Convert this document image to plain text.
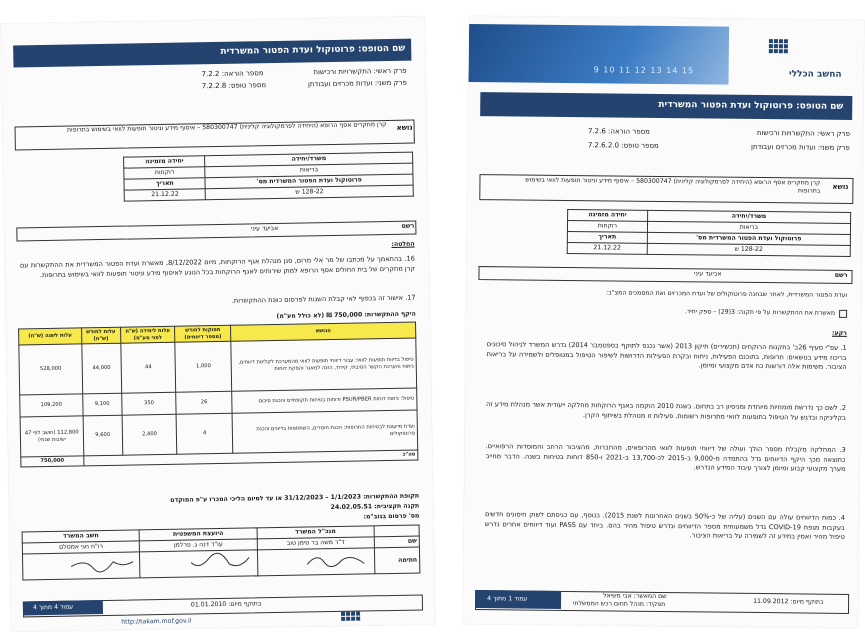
שם הטופס: פרוטוקול ועדת הפטור המשרדית
פרק ראשי: התקשרויות ורכישות
מספר הוראה: 7.2.2
פרק משני: ועדות מכרזים ועבודתן
מספר טופס: 7.2.2.8
נושא
קרן מחקרים אסף הרופא (היחידה לפרמקולוגיה קלינית) 580300747 – איסוף מידע וניטור תופעות לוואי בשימוש בתרופות
משרד/יחידה	יחידה מזמינה
בריאות	רוקחות
פרוטוקול ועדת הפטור המשרדית מס'	תאריך
128-22 ש	21.12.22
רשם
אביעד עיני
החלטה:
16. בהתאמך על מכתבו של מר אלי מרום, סגן מנהלת אגף הרוקחות, מיום 8/12/2022, מאשרת ועדת הפטור המשרדית את ההתקשרות עם קרן מחקרים של בית החולים אסף הרופא למתן שירותים לאגף הרוקחות בכל הנוגע לאיסוף מידע וניטור תופעות לוואי בשימוש בתרופות.
17. אישור זה בכפוף לאי קבלת השגות לפרסום כוונת ההתקשרות.
היקף ההתקשרות: 750,000 ₪ (לא כולל מע"מ)
הנושא	תפוקות לחודש (מספר דיווחים)	עלות ליחידה (ש"ח לפני מע"מ)	עלות לחודש (ש"ח)	עלות לשנה (ש"ח)
טיפול בדיווח תופעות לוואי: עבור דיווחי תופעות לוואי מהמערכת לקליטת דיווחים, ניתוח והערכת הקשר הסיבתי, קידוד, הזנה למאגר והפקת דוחות	1,000	44	44,000	528,000
טיפול: ניתוח דוחות PSUR/PBER ודוחות בטיחות תקופתיים והכנת סיכום	26	350	9,100	109,200
ועדת מייעצת לבטיחות התרופות: הכנת חומרים, השתתפות בדיונים והכנת פרוטוקולים	4	2,400	9,600	112,800 (חושב לפי 47 ישיבות שנתי)
סה"כ				750,000
תקופת ההתקשרות: 1/1/2023 – 31/12/2023 או עד לסיום הליכי המכרז ע"פ המוקדם
תקנה תקציבית: 24.02.05.51
מס' פרסום בגוב"מ:
	מנכ"ל המשרד	היועצת המשפטית	חשב המשרד
שם	ד"ר משה בר סימן טוב	עו"ד דנה ג. פרלמן	רו"ח חגי אמסלם
חתימה			
עמוד 4 מתוך 4	בתוקף מיום: 01.01.2010
http://takam.mof.gov.il
9 10 11 12 13 14 15	החשב הכללי
שם הטופס: פרוטוקול ועדת הפטור המשרדית
פרק ראשי: התקשרויות ורכישות
מספר הוראה: 7.2.6
פרק משני: ועדות מכרזים ועבודתן
מספר טופס: 7.2.6.2.0
נושא
קרן מחקרים אסף הרופא (היחידה לפרמקולוגיה קלינית) 580300747 – איסוף מידע וניטור תופעות לוואי בשימוש בתרופות
משרד/יחידה	יחידה מזמינה
בריאות	רוקחות
פרוטוקול ועדת הפטור המשרדית מס'	תאריך
128-22 ש	21.12.22
רשם
אביעד עיני
ועדת הפטור המשרדית, לאחר שבחנה פרוטוקולים של ועדת המכרזים ואת המסמכים המצ"ב:
מאשרת את ההתקשרות על פי תקנה: 3(29) – ספק יחיד.
רקע:
1. עפ"י סעיף 26ב' בתקנות הרוקחים (תכשירים) תיקון 2013 (אשר נכנס לתוקף בספטמבר 2014) נדרש המשרד לניהול סיכונים בריכוז מידע בנושאים: תרופות, בתוכנם הפעילות, ניתוח ובקרת הפעילות הדרושות לשיפור הטיפול במטופלים ולשמירה על בריאות הציבור. משימות אלה דורשות כח אדם מקצועי ומיומן.
2. לשם כך נדרשת מומחיות מיוחדת ומניסיון רב בתחום. בשנת 2010 הוקמה באגף הרוקחות מחלקה ייעודית אשר מנהלת מידע זה בקליניקה ובדגש על הטיפול בתופעות לוואי מתרופות רשומות. פעילות זו מנוהלת בשיתוף הקרן.
3. המחלקה מקבלת מספר הולך ועולה של דיווחי תופעות לוואי מהרופאים, מהחברות, מהציבור הרחב והמוסדות הרפואיים. כתוצאה מכך היקף הדיווחים גדל בהתמדה מ-9,000 ב-2015 לכ-13,700 ב-2021 ו-850 דוחות בטיחות בשנה. הדבר מחייב מערך מקצועי קבוע ומיומן לצורך עיבוד המידע הנדרש.
4. כמות הדיווחים עולה עם השנים (עליה של כ-50% בשנים האחרונות לשנת 2015). בנוסף, עם כניסתם לשוק חיסונים חדשים בעקבות מגפת COVID-19 גדל משמעותית מספר הדיווחים ונדרש טיפול מהיר בהם. ביחד עם PASS ועוד דיווחים אחרים נדרש טיפול מהיר ואמין במידע זה לשמירה על בריאות הציבור.
עמוד 1 מתוך 4	שם המאשר: אבי משיאל
תפקיד: מנהל תחום רכש הממשלתי	בתוקף מיום: 11.09.2012
